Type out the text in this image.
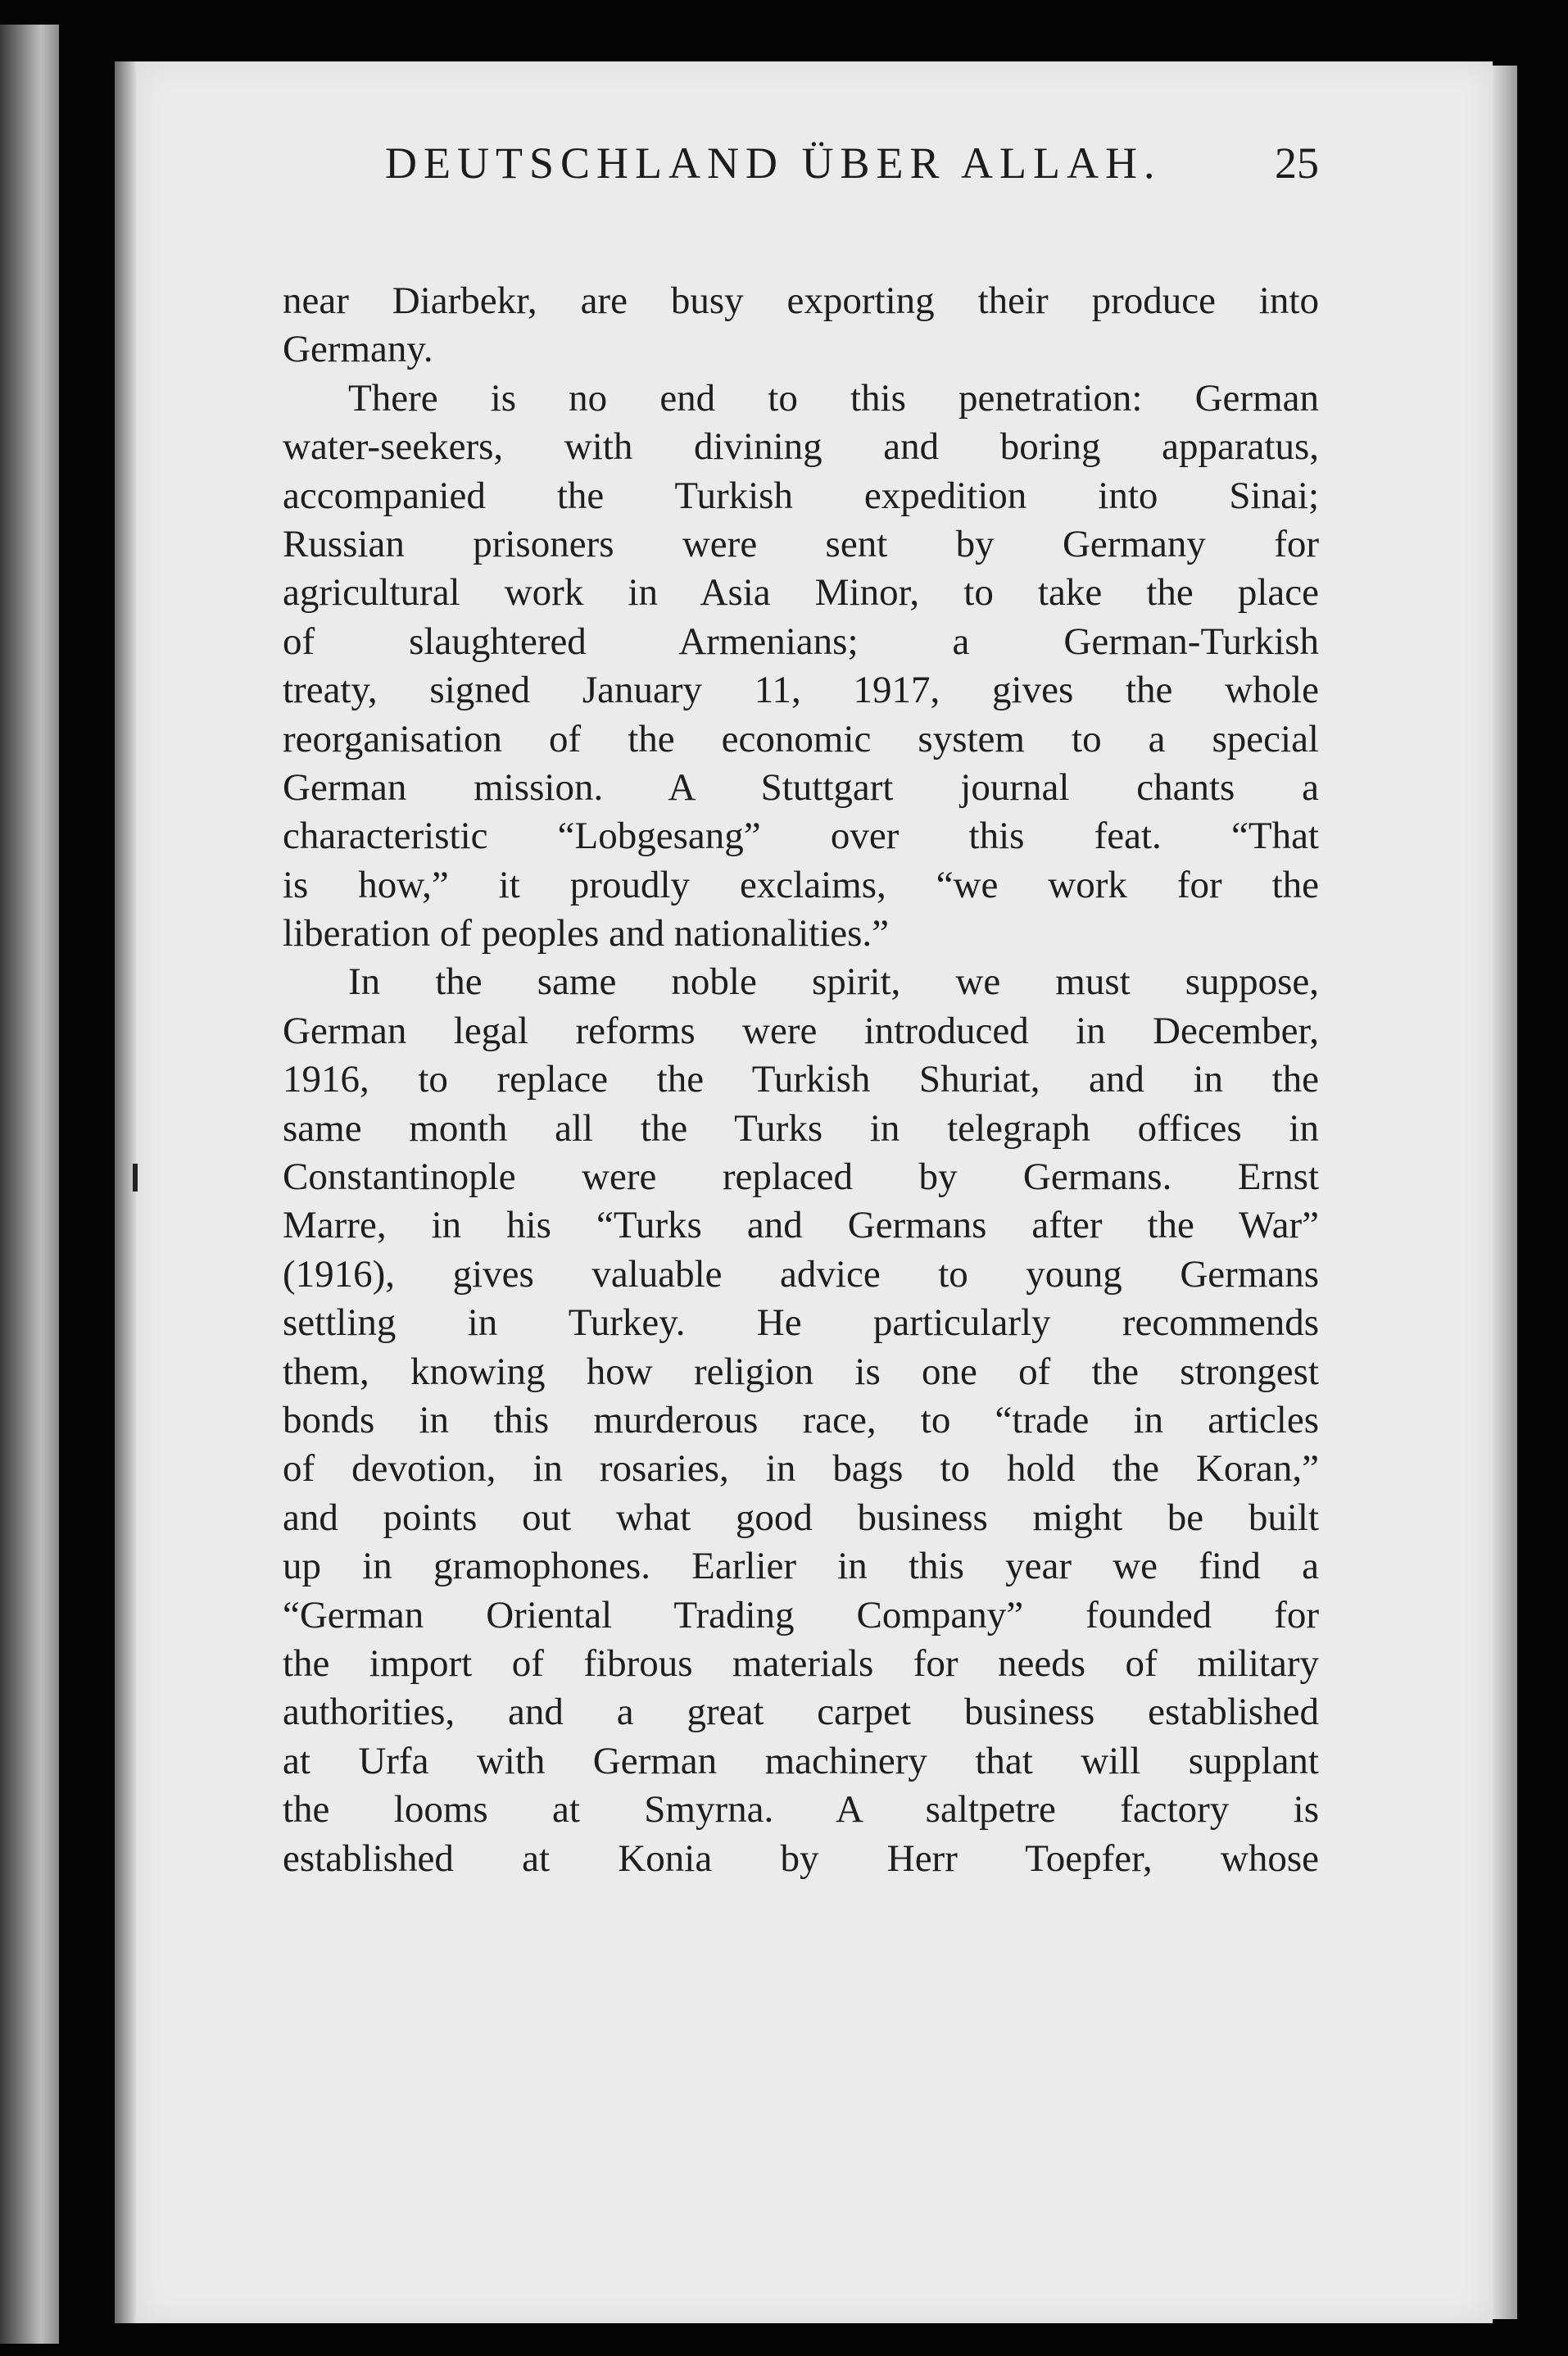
DEUTSCHLAND ÜBER ALLAH.	25
near Diarbekr, are busy exporting their produce into
Germany.
There is no end to this penetration: German
water-seekers, with divining and boring apparatus,
accompanied the Turkish expedition into Sinai;
Russian prisoners were sent by Germany for
agricultural work in Asia Minor, to take the place
of slaughtered Armenians; a German-Turkish
treaty, signed January 11, 1917, gives the whole
reorganisation of the economic system to a special
German mission. A Stuttgart journal chants a
characteristic “Lobgesang” over this feat. “That
is how,” it proudly exclaims, “we work for the
liberation of peoples and nationalities.”
In the same noble spirit, we must suppose,
German legal reforms were introduced in December,
1916, to replace the Turkish Shuriat, and in the
same month all the Turks in telegraph offices in
Constantinople were replaced by Germans. Ernst
Marre, in his “Turks and Germans after the War”
(1916), gives valuable advice to young Germans
settling in Turkey. He particularly recommends
them, knowing how religion is one of the strongest
bonds in this murderous race, to “trade in articles
of devotion, in rosaries, in bags to hold the Koran,”
and points out what good business might be built
up in gramophones. Earlier in this year we find a
“German Oriental Trading Company” founded for
the import of fibrous materials for needs of military
authorities, and a great carpet business established
at Urfa with German machinery that will supplant
the looms at Smyrna. A saltpetre factory is
established at Konia by Herr Toepfer, whose
